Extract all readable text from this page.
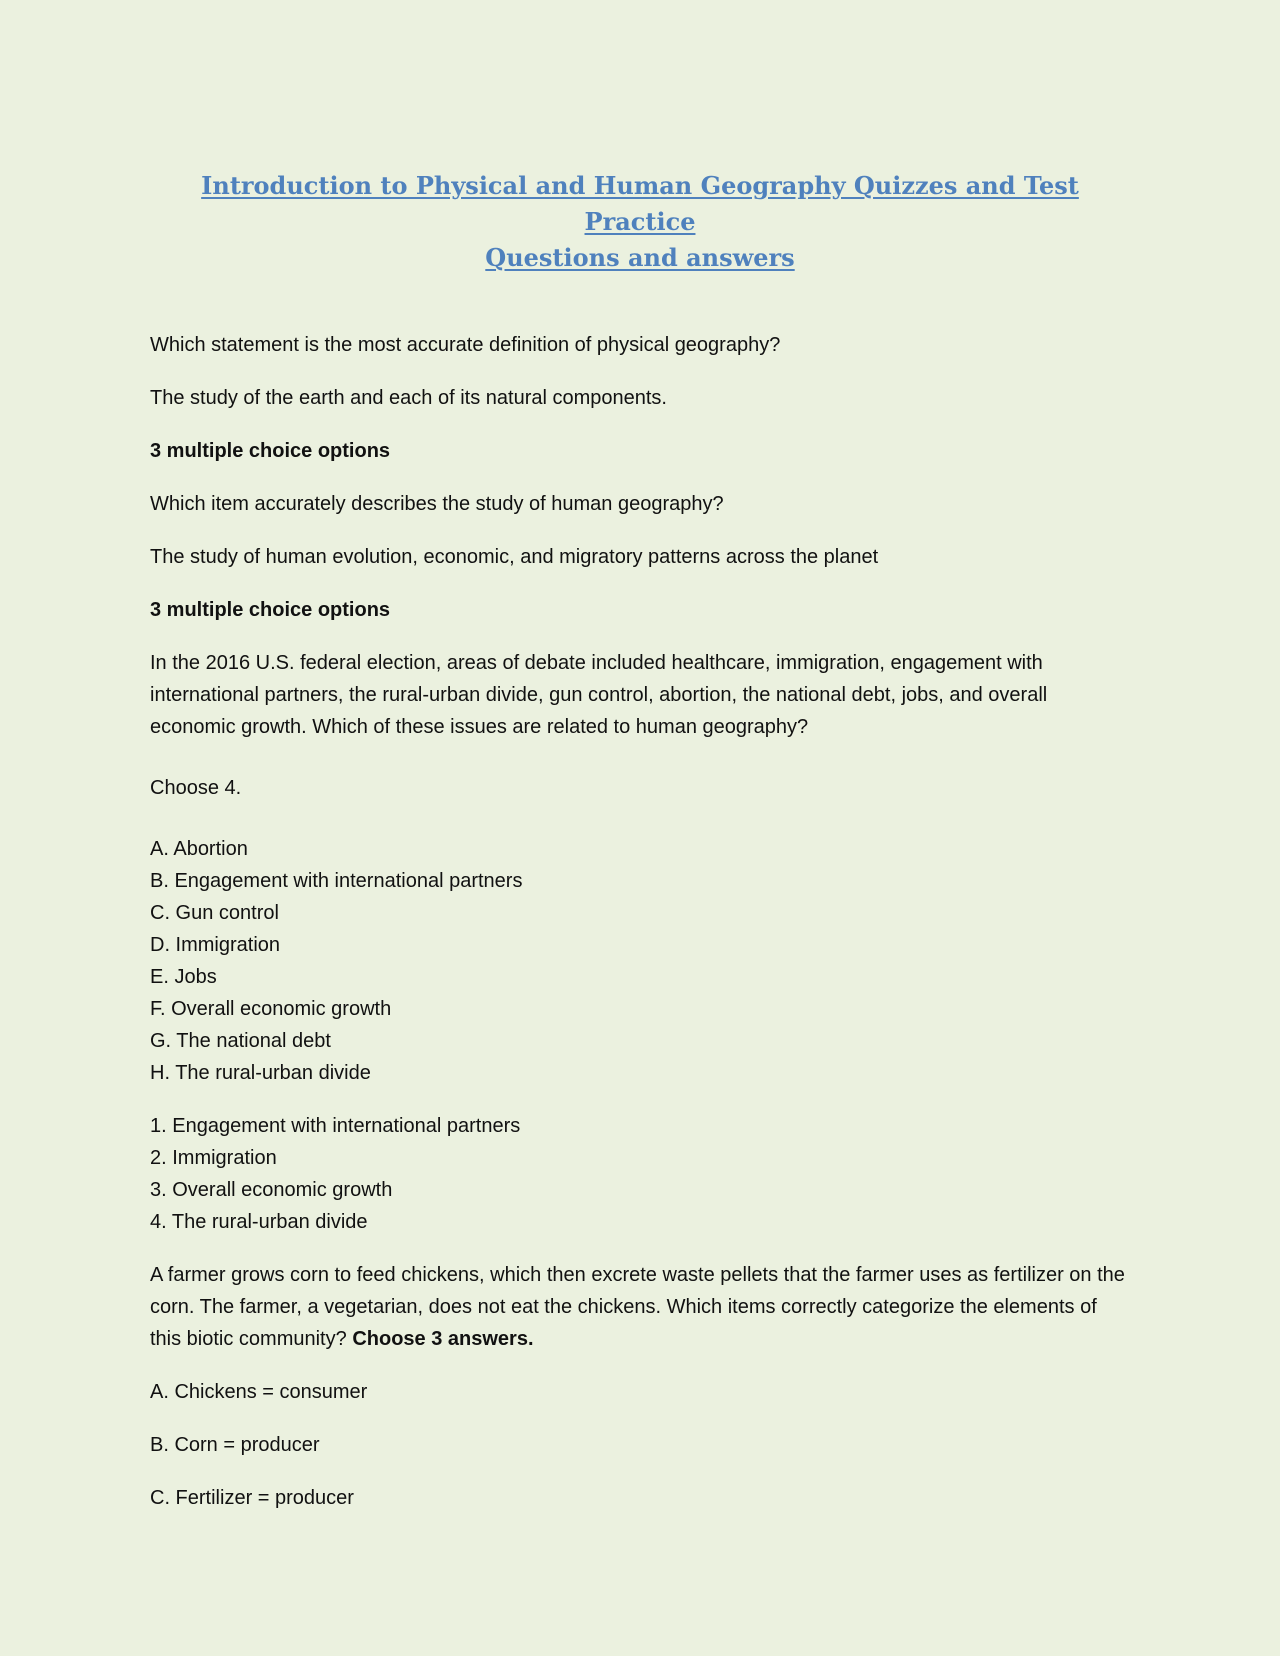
Introduction to Physical and Human Geography Quizzes and Test Practice
Questions and answers

Which statement is the most accurate definition of physical geography?

The study of the earth and each of its natural components.

3 multiple choice options

Which item accurately describes the study of human geography?

The study of human evolution, economic, and migratory patterns across the planet

3 multiple choice options

In the 2016 U.S. federal election, areas of debate included healthcare, immigration, engagement with international partners, the rural-urban divide, gun control, abortion, the national debt, jobs, and overall economic growth. Which of these issues are related to human geography?

Choose 4.

A. Abortion
B. Engagement with international partners
C. Gun control
D. Immigration
E. Jobs
F. Overall economic growth
G. The national debt
H. The rural-urban divide
1. Engagement with international partners
2. Immigration
3. Overall economic growth
4. The rural-urban divide

A farmer grows corn to feed chickens, which then excrete waste pellets that the farmer uses as fertilizer on the corn. The farmer, a vegetarian, does not eat the chickens. Which items correctly categorize the elements of this biotic community? Choose 3 answers.

A. Chickens = consumer

B. Corn = producer

C. Fertilizer = producer
